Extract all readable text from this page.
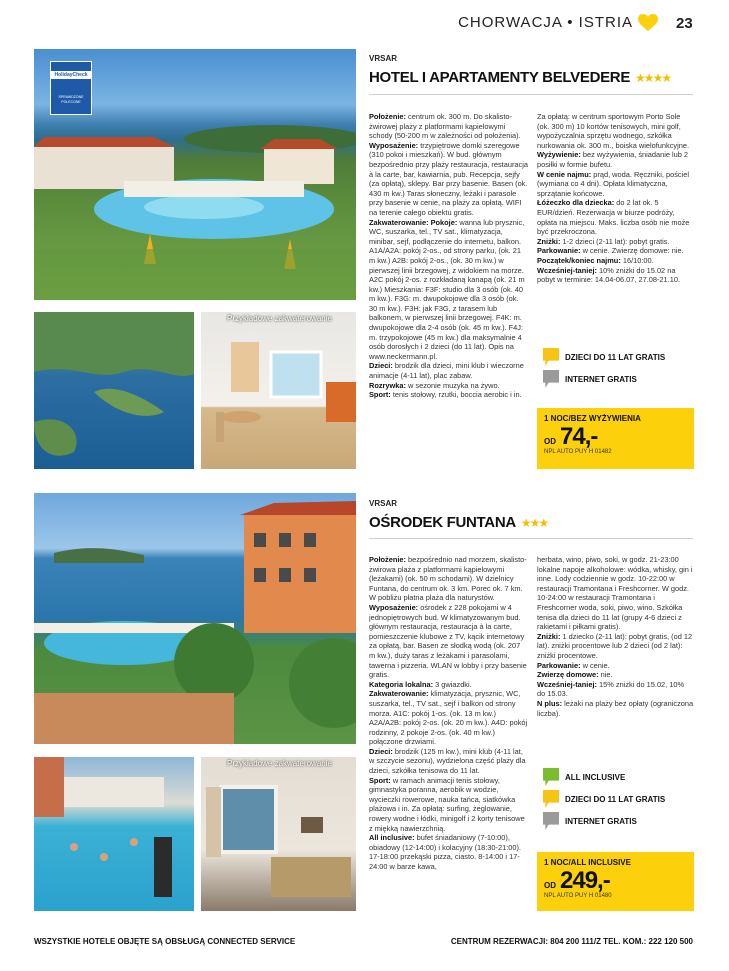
CHORWACJA • ISTRIA	23
HolidayCheck
SPRAWDZONE
POLECONE
Przykładowe zakwaterowanie
VRSAR
HOTEL I APARTAMENTY BELVEDERE ★★★★

Położenie: centrum ok. 300 m. Do skalisto-żwirowej plaży z platformami kąpielowymi schody (50-200 m w zależności od położenia).

Wyposażenie: trzypiętrowe domki szeregowe (310 pokoi i mieszkań). W bud. głównym bezpośrednio przy plaży restauracja, restauracja à la carte, bar, kawiarnia, pub. Recepcja, sejfy (za opłatą), sklepy. Bar przy basenie. Basen (ok. 430 m kw.) Taras słoneczny, leżaki i parasole przy basenie w cenie, na plaży za opłatą. WIFI na terenie całego obiektu gratis.

Zakwaterowanie: Pokoje: wanna lub prysznic, WC, suszarka, tel., TV sat., klimatyzacja, minibar, sejf, podłączenie do internetu, balkon. A1A/A2A: pokój 2-os., od strony parku, (ok. 21 m kw.) A2B: pokój 2-os., (ok. 30 m kw.) w pierwszej linii brzegowej, z widokiem na morze. A2C pokój 2-os. z rozkładaną kanapą (ok. 21 m kw.) Mieszkania: F3F: studio dla 3 osób (ok. 40 m kw.). F3G: m. dwupokojowe dla 3 osób (ok. 30 m kw.). F3H: jak F3G, z tarasem lub balkonem, w pierwszej linii brzegowej. F4K: m. dwupokojowe dla 2-4 osób (ok. 45 m kw.). F4J: m. trzypokojowe (45 m kw.) dla maksymalnie 4 osób dorosłych i 2 dzieci (do 11 lat). Opis na www.neckermann.pl.

Dzieci: brodzik dla dzieci, mini klub i wieczorne animacje (4-11 lat), plac zabaw.

Rozrywka: w sezonie muzyka na żywo.

Sport: tenis stołowy, rzutki, boccia aerobic i in.

Za opłatą: w centrum sportowym Porto Sole (ok. 300 m) 10 kortów tenisowych, mini golf, wypożyczalnia sprzętu wodnego, szkółka nurkowania ok. 300 m., boiska wielofunkcyjne.

Wyżywienie: bez wyżywienia, śniadanie lub 2 posiłki w formie bufetu.

W cenie najmu: prąd, woda. Ręczniki, pościel (wymiana co 4 dni). Opłata klimatyczna, sprzątanie końcowe.

Łóżeczko dla dziecka: do 2 lat ok. 5 EUR/dzień. Rezerwacja w biurze podróży, opłata na miejscu. Maks. liczba osób nie może być przekroczona.

Zniżki: 1-2 dzieci (2-11 lat): pobyt gratis.

Parkowanie: w cenie. Zwierzę domowe: nie.

Początek/koniec najmu: 16/10:00.

Wcześniej-taniej: 10% zniżki do 15.02 na pobyt w terminie: 14.04-06.07, 27.08-21.10.

DZIECI DO 11 LAT GRATIS
INTERNET GRATIS
1 NOC/BEZ WYŻYWIENIA
OD 74,-
NPL AUTO PUY H 01482
Przykładowe zakwaterowanie
VRSAR
OŚRODEK FUNTANA ★★★

Położenie: bezpośrednio nad morzem, skalisto-żwirowa plaża z platformami kąpielowymi (leżakami) (ok. 50 m schodami). W dzielnicy Funtana, do centrum ok. 3 km. Porec ok. 7 km. W pobliżu płatna plaża dla naturystów.

Wyposażenie: ośrodek z 228 pokojami w 4 jednopiętrowych bud. W klimatyzowanym bud. głównym restauracja, restauracja à la carte, pomieszczenie klubowe z TV, kącik internetowy za opłatą, bar. Basen ze słodką wodą (ok. 207 m kw.), duży taras z leżakami i parasolami, tawerna i pizzeria. WLAN w lobby i przy basenie gratis.

Kategoria lokalna: 3 gwiazdki.

Zakwaterowanie: klimatyzacja, prysznic, WC, suszarka, tel., TV sat., sejf i balkon od strony morza. A1C: pokój 1-os. (ok. 13 m kw.) A2A/A2B: pokój 2-os. (ok. 20 m kw.). A4D: pokój rodzinny, 2 pokoje 2-os. (ok. 40 m kw.) połączone drzwiami.

Dzieci: brodzik (125 m kw.), mini klub (4-11 lat, w szczycie sezonu), wydzielona część plaży dla dzieci, szkółka tenisowa do 11 lat.

Sport: w ramach animacji tenis stołowy, gimnastyka poranna, aerobik w wodzie, wycieczki rowerowe, nauka tańca, siatkówka plażowa i in. Za opłatą: surfing, żeglowanie, rowery wodne i łódki, minigolf i 2 korty tenisowe z miękką nawierzchnią.

All inclusive: bufet śniadaniowy (7-10:00), obiadowy (12-14:00) i kolacyjny (18:30-21:00). 17-18:00 przekąski pizza, ciasto. 8-14:00 i 17-24:00 w barze kawa,

herbata, wino, piwo, soki, w godz. 21-23:00 lokalne napoje alkoholowe: wódka, whisky, gin i inne. Lody codziennie w godz. 10-22:00 w restauracji Tramontana i Freshcorner. W godz. 10-24:00 w restauracji Tramontana i Freshcorner woda, soki, piwo, wino. Szkółka tenisa dla dzieci do 11 lat (grupy 4-6 dzieci z rakietami i piłkami gratis).

Zniżki: 1 dziecko (2-11 lat): pobyt gratis, (od 12 lat). zniżki procentowe lub 2 dzieci (od 2 lat): zniżki procentowe.

Parkowanie: w cenie.

Zwierzę domowe: nie.

Wcześniej-taniej: 15% zniżki do 15.02, 10% do 15.03.

N plus: leżaki na plaży bez opłaty (ograniczona liczba).

ALL INCLUSIVE
DZIECI DO 11 LAT GRATIS
INTERNET GRATIS
1 NOC/ALL INCLUSIVE
OD 249,-
NPL AUTO PUY H 01480
WSZYSTKIE HOTELE OBJĘTE SĄ OBSŁUGĄ CONNECTED SERVICE	CENTRUM REZERWACJI: 804 200 111/Z TEL. KOM.: 222 120 500
